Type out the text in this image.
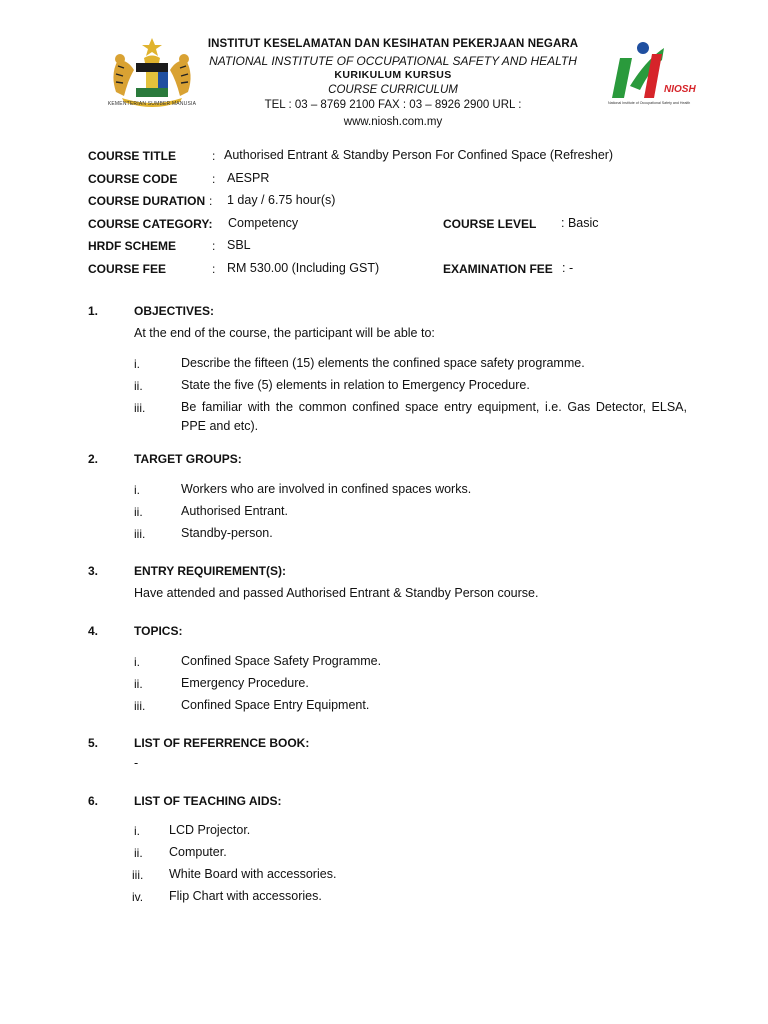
KEMENTERIAN SUMBER MANUSIA
INSTITUT KESELAMATAN DAN KESIHATAN PEKERJAAN NEGARA
NATIONAL INSTITUTE OF OCCUPATIONAL SAFETY AND HEALTH
KURIKULUM KURSUS
COURSE CURRICULUM
TEL : 03 – 8769 2100 FAX : 03 – 8926 2900 URL :
www.niosh.com.my
NIOSH
National Institute of Occupational Safety and Health
COURSE TITLE	: Authorised Entrant & Standby Person For Confined Space (Refresher)
COURSE CODE	: AESPR
COURSE DURATION : 1 day / 6.75 hour(s)
COURSE CATEGORY: Competency	COURSE LEVEL : Basic
HRDF SCHEME	: SBL
COURSE FEE	: RM 530.00 (Including GST)	EXAMINATION FEE : -
1.	OBJECTIVES:
At the end of the course, the participant will be able to:
i.	Describe the fifteen (15) elements the confined space safety programme.
ii.	State the five (5) elements in relation to Emergency Procedure.
iii.	Be familiar with the common confined space entry equipment, i.e. Gas Detector, ELSA, PPE and etc).
2.	TARGET GROUPS:
i.	Workers who are involved in confined spaces works.
ii.	Authorised Entrant.
iii.	Standby-person.
3.	ENTRY REQUIREMENT(S):
Have attended and passed Authorised Entrant & Standby Person course.
4.	TOPICS:
i.	Confined Space Safety Programme.
ii.	Emergency Procedure.
iii.	Confined Space Entry Equipment.
5.	LIST OF REFERRENCE BOOK:
-
6.	LIST OF TEACHING AIDS:
i. LCD Projector.
ii. Computer.
iii. White Board with accessories.
iv. Flip Chart with accessories.
